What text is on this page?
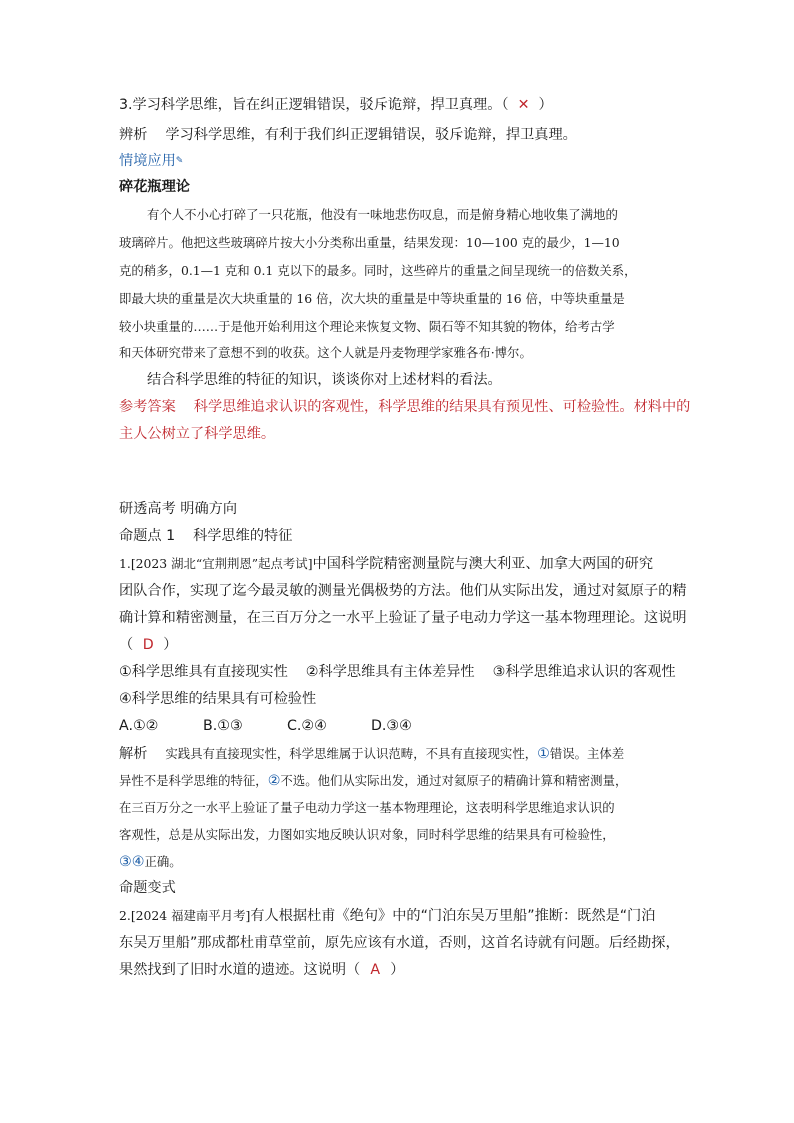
3.学习科学思维，旨在纠正逻辑错误，驳斥诡辩，捍卫真理。（ ✕ ）
辨析 学习科学思维，有利于我们纠正逻辑错误，驳斥诡辩，捍卫真理。
情境应用✎
碎花瓶理论
有个人不小心打碎了一只花瓶，他没有一味地悲伤叹息，而是俯身精心地收集了满地的
玻璃碎片。他把这些玻璃碎片按大小分类称出重量，结果发现：10—100 克的最少，1—10
克的稍多，0.1—1 克和 0.1 克以下的最多。同时，这些碎片的重量之间呈现统一的倍数关系，
即最大块的重量是次大块重量的 16 倍，次大块的重量是中等块重量的 16 倍，中等块重量是
较小块重量的……于是他开始利用这个理论来恢复文物、陨石等不知其貌的物体，给考古学
和天体研究带来了意想不到的收获。这个人就是丹麦物理学家雅各布·博尔。
结合科学思维的特征的知识，谈谈你对上述材料的看法。
参考答案 科学思维追求认识的客观性，科学思维的结果具有预见性、可检验性。材料中的
主人公树立了科学思维。
研透高考 明确方向
命题点 1 科学思维的特征
1.[2023 湖北“宜荆荆恩”起点考试]中国科学院精密测量院与澳大利亚、加拿大两国的研究
团队合作，实现了迄今最灵敏的测量光偶极势的方法。他们从实际出发，通过对氦原子的精
确计算和精密测量，在三百万分之一水平上验证了量子电动力学这一基本物理理论。这说明
（ D ）
①科学思维具有直接现实性 ②科学思维具有主体差异性 ③科学思维追求认识的客观性
④科学思维的结果具有可检验性
A.①②	B.①③	C.②④	D.③④
解析 实践具有直接现实性，科学思维属于认识范畴，不具有直接现实性，①错误。主体差
异性不是科学思维的特征，②不选。他们从实际出发，通过对氦原子的精确计算和精密测量，
在三百万分之一水平上验证了量子电动力学这一基本物理理论，这表明科学思维追求认识的
客观性，总是从实际出发，力图如实地反映认识对象，同时科学思维的结果具有可检验性，
③④正确。
命题变式
2.[2024 福建南平月考]有人根据杜甫《绝句》中的“门泊东吴万里船”推断：既然是“门泊
东吴万里船”那成都杜甫草堂前，原先应该有水道，否则，这首名诗就有问题。后经勘探，
果然找到了旧时水道的遗迹。这说明（ A ）
